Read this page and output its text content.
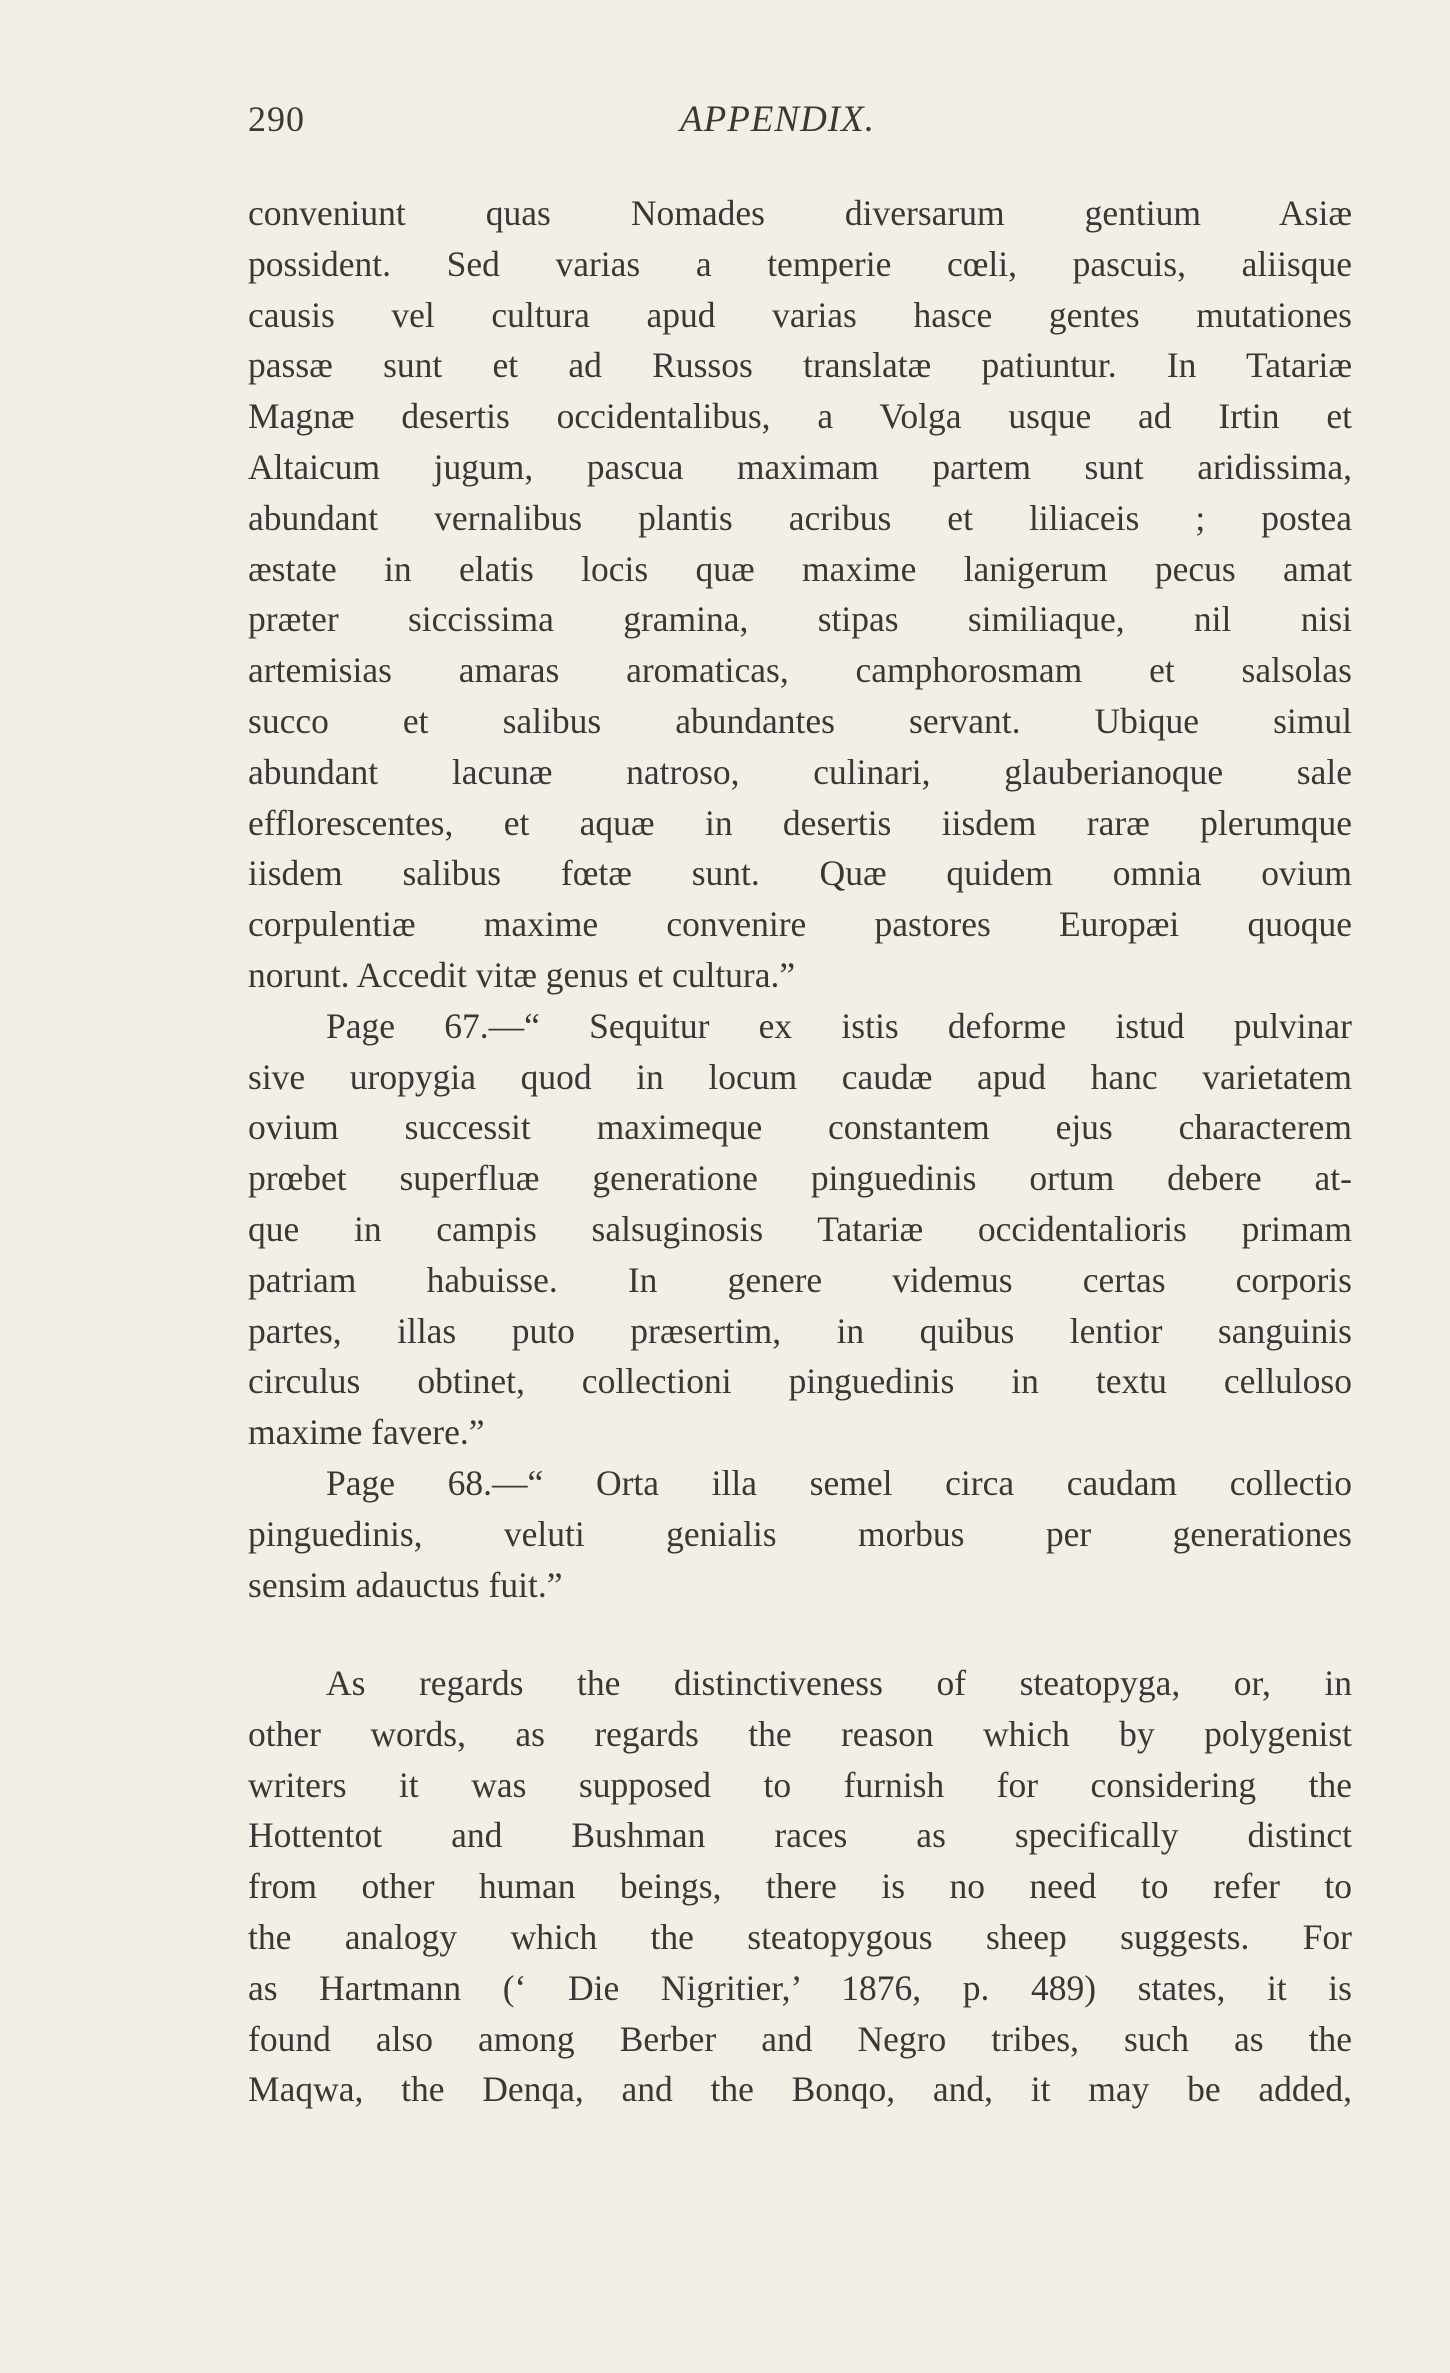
290	APPENDIX.
conveniunt quas Nomades diversarum gentium Asiæ
possident. Sed varias a temperie cœli, pascuis, aliisque
causis vel cultura apud varias hasce gentes mutationes
passæ sunt et ad Russos translatæ patiuntur. In Tatariæ
Magnæ desertis occidentalibus, a Volga usque ad Irtin et
Altaicum jugum, pascua maximam partem sunt aridissima,
abundant vernalibus plantis acribus et liliaceis ; postea
æstate in elatis locis quæ maxime lanigerum pecus amat
præter siccissima gramina, stipas similiaque, nil nisi
artemisias amaras aromaticas, camphorosmam et salsolas
succo et salibus abundantes servant. Ubique simul
abundant lacunæ natroso, culinari, glauberianoque sale
efflorescentes, et aquæ in desertis iisdem raræ plerumque
iisdem salibus fœtæ sunt. Quæ quidem omnia ovium
corpulentiæ maxime convenire pastores Europæi quoque
norunt. Accedit vitæ genus et cultura.”
Page 67.—“ Sequitur ex istis deforme istud pulvinar
sive uropygia quod in locum caudæ apud hanc varietatem
ovium successit maximeque constantem ejus characterem
prœbet superfluæ generatione pinguedinis ortum debere at-
que in campis salsuginosis Tatariæ occidentalioris primam
patriam habuisse. In genere videmus certas corporis
partes, illas puto præsertim, in quibus lentior sanguinis
circulus obtinet, collectioni pinguedinis in textu celluloso
maxime favere.”
Page 68.—“ Orta illa semel circa caudam collectio
pinguedinis, veluti genialis morbus per generationes
sensim adauctus fuit.”
As regards the distinctiveness of steatopyga, or, in
other words, as regards the reason which by polygenist
writers it was supposed to furnish for considering the
Hottentot and Bushman races as specifically distinct
from other human beings, there is no need to refer to
the analogy which the steatopygous sheep suggests. For
as Hartmann (‘ Die Nigritier,’ 1876, p. 489) states, it is
found also among Berber and Negro tribes, such as the
Maqwa, the Denqa, and the Bonqo, and, it may be added,
